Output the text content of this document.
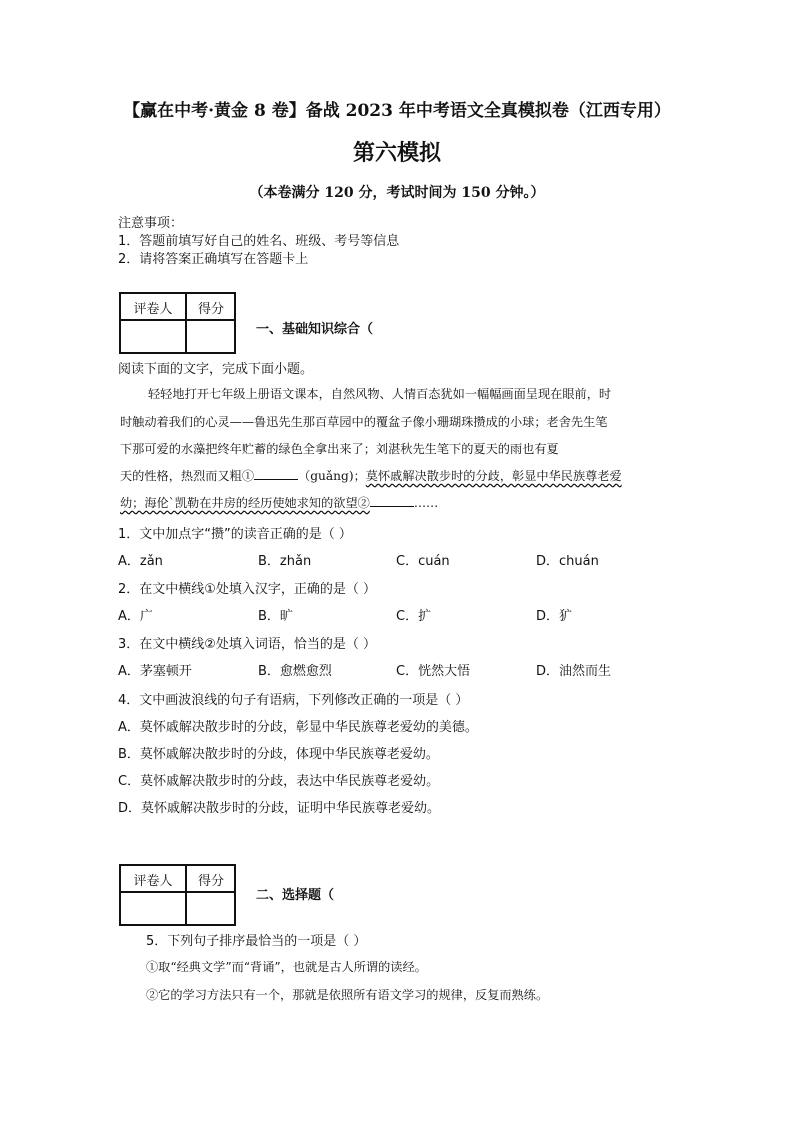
【赢在中考·黄金 8 卷】备战 2023 年中考语文全真模拟卷（江西专用）
第六模拟
（本卷满分 120 分，考试时间为 150 分钟。）
注意事项：
1．答题前填写好自己的姓名、班级、考号等信息
2．请将答案正确填写在答题卡上
评卷人	得分
一、基础知识综合（
阅读下面的文字，完成下面小题。
轻轻地打开七年级上册语文课本，自然风物、人情百态犹如一幅幅画面呈现在眼前，时
时触动着我们的心灵——鲁迅先生那百草园中的覆盆子像小珊瑚珠攒成的小球；老舍先生笔
下那可爱的水藻把终年贮蓄的绿色全拿出来了；刘湛秋先生笔下的夏天的雨也有夏
天的性格，热烈而又粗①	（guǎng)；莫怀戚解决散步时的分歧，彰显中华民族尊老爱
幼；海伦`凯勒在井房的经历使她求知的欲望②	……
1．文中加点字“攒”的读音正确的是（ ）
A．zǎn	B．zhǎn	C．cuán	D．chuán
2．在文中横线①处填入汉字，正确的是（ ）
A．广	B．旷	C．扩	D．犷
3．在文中横线②处填入词语，恰当的是（ ）
A．茅塞顿开	B．愈燃愈烈	C．恍然大悟	D．油然而生
4．文中画波浪线的句子有语病，下列修改正确的一项是（ ）
A．莫怀戚解决散步时的分歧，彰显中华民族尊老爱幼的美德。
B．莫怀戚解决散步时的分歧，体现中华民族尊老爱幼。
C．莫怀戚解决散步时的分歧，表达中华民族尊老爱幼。
D．莫怀戚解决散步时的分歧，证明中华民族尊老爱幼。
评卷人	得分
二、选择题（
5．下列句子排序最恰当的一项是（ ）
①取“经典文学”而“背诵”，也就是古人所谓的读经。
②它的学习方法只有一个，那就是依照所有语文学习的规律，反复而熟练。
